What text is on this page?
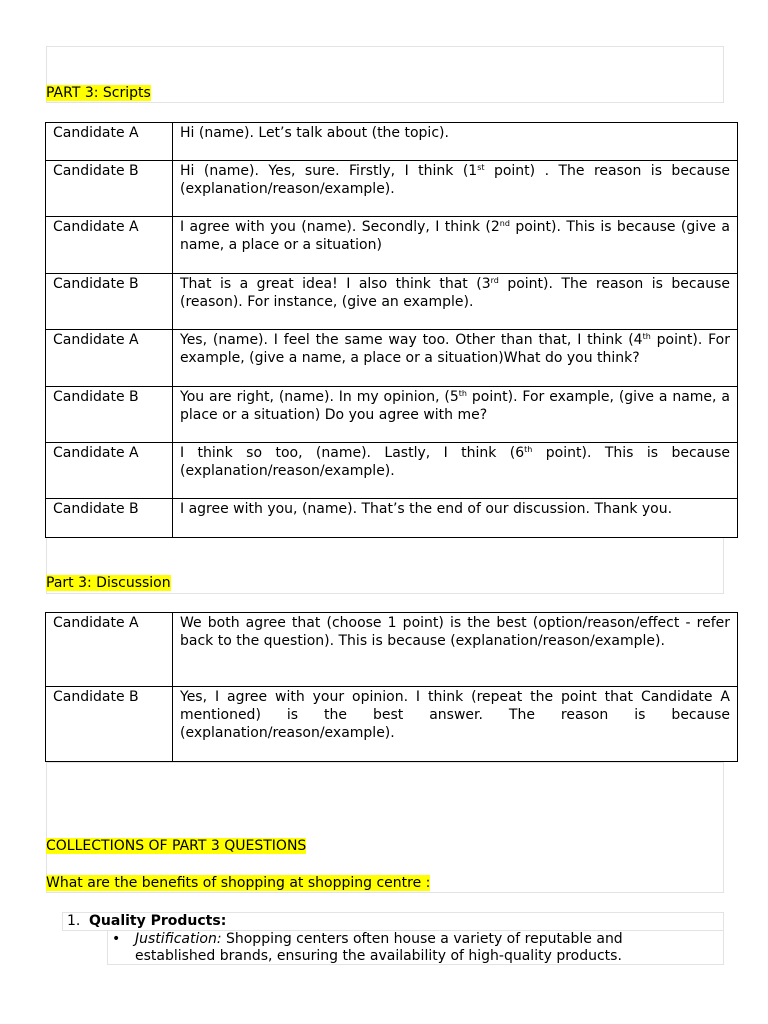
PART 3: Scripts
Candidate A	Hi (name). Let’s talk about (the topic).
Candidate B	Hi (name). Yes, sure. Firstly, I think (1st point) . The reason is because (explanation/reason/example).
Candidate A	I agree with you (name). Secondly, I think (2nd point). This is because (give a name, a place or a situation)
Candidate B	That is a great idea! I also think that (3rd point). The reason is because (reason). For instance, (give an example).
Candidate A	Yes, (name). I feel the same way too. Other than that, I think (4th point). For example, (give a name, a place or a situation)What do you think?
Candidate B	You are right, (name). In my opinion, (5th point). For example, (give a name, a place or a situation) Do you agree with me?
Candidate A	I think so too, (name). Lastly, I think (6th point). This is because (explanation/reason/example).
Candidate B	I agree with you, (name). That’s the end of our discussion. Thank you.
Part 3: Discussion
Candidate A	We both agree that (choose 1 point) is the best (option/reason/effect - refer back to the question). This is because (explanation/reason/example).
Candidate B	Yes, I agree with your opinion. I think (repeat the point that Candidate A mentioned) is the best answer. The reason is because (explanation/reason/example).
COLLECTIONS OF PART 3 QUESTIONS
What are the benefits of shopping at shopping centre :
1. Quality Products:
• Justification: Shopping centers often house a variety of reputable and established brands, ensuring the availability of high-quality products.
